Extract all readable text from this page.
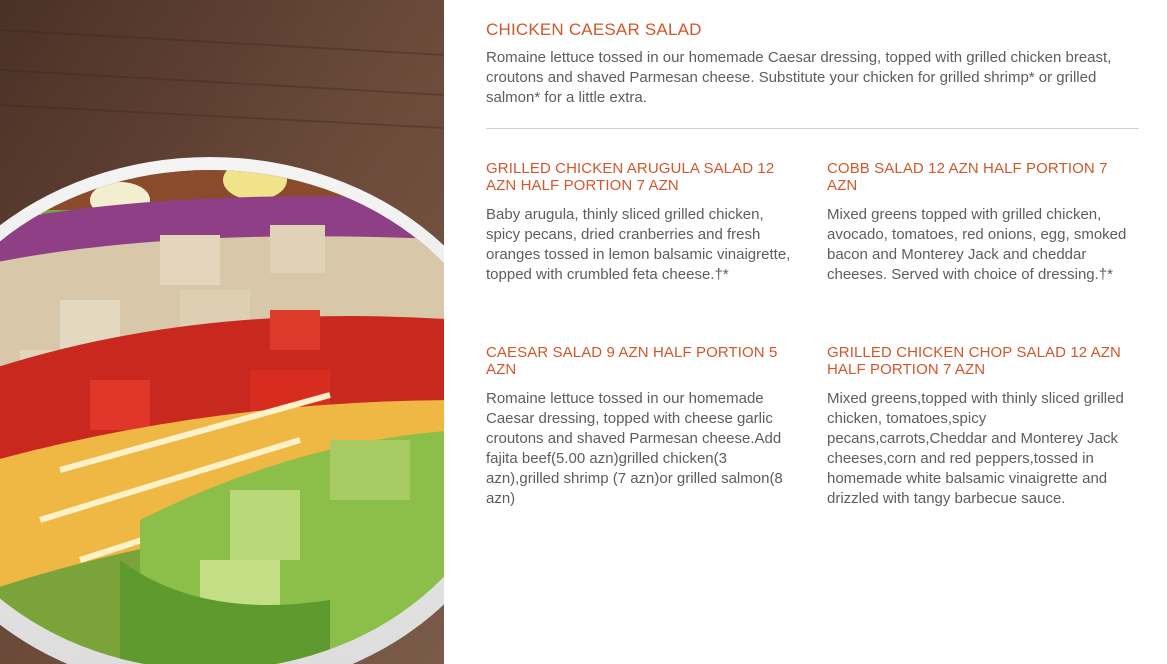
CHICKEN CAESAR SALAD

Romaine lettuce tossed in our homemade Caesar dressing, topped with grilled chicken breast, croutons and shaved Parmesan cheese. Substitute your chicken for grilled shrimp* or grilled salmon* for a little extra.

GRILLED CHICKEN ARUGULA SALAD 12 AZN HALF PORTION 7 AZN

Baby arugula, thinly sliced grilled chicken, spicy pecans, dried cranberries and fresh oranges tossed in lemon balsamic vinaigrette, topped with crumbled feta cheese.†*

COBB SALAD 12 AZN HALF PORTION 7 AZN

Mixed greens topped with grilled chicken, avocado, tomatoes, red onions, egg, smoked bacon and Monterey Jack and cheddar cheeses. Served with choice of dressing.†*

CAESAR SALAD 9 AZN HALF PORTION 5 AZN

Romaine lettuce tossed in our homemade Caesar dressing, topped with cheese garlic croutons and shaved Parmesan cheese.Add fajita beef(5.00 azn)grilled chicken(3 azn),grilled shrimp (7 azn)or grilled salmon(8 azn)

GRILLED CHICKEN CHOP SALAD 12 AZN HALF PORTION 7 AZN

Mixed greens,topped with thinly sliced grilled chicken, tomatoes,spicy pecans,carrots,Cheddar and Monterey Jack cheeses,corn and red peppers,tossed in homemade white balsamic vinaigrette and drizzled with tangy barbecue sauce.
